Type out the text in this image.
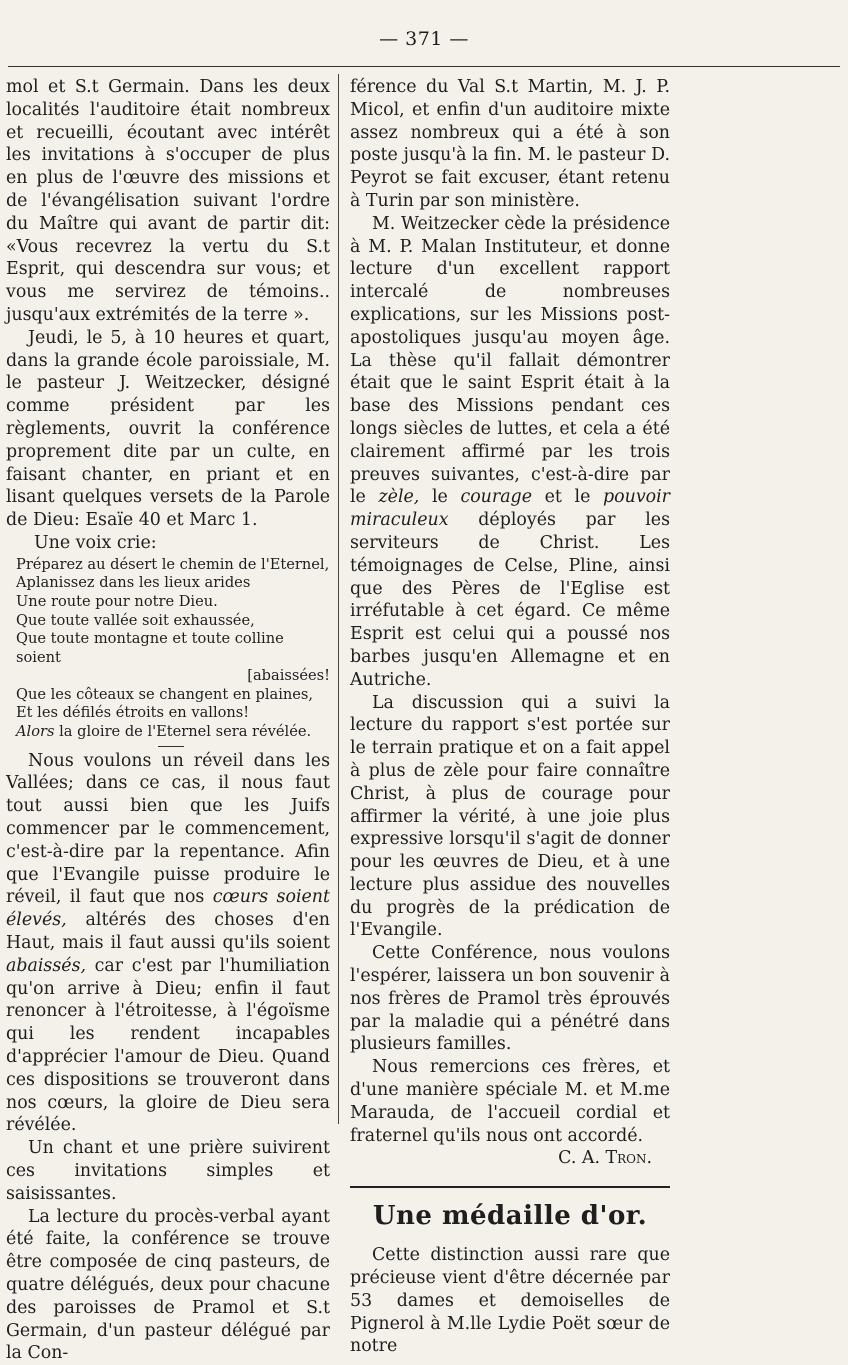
— 371 —

mol et S.t Germain. Dans les deux localités l'auditoire était nombreux et recueilli, écoutant avec intérêt les invitations à s'occuper de plus en plus de l'œuvre des missions et de l'évangélisation suivant l'ordre du Maître qui avant de partir dit: «Vous recevrez la vertu du S.t Esprit, qui descendra sur vous; et vous me servirez de témoins.. jusqu'aux extrémités de la terre ».

Jeudi, le 5, à 10 heures et quart, dans la grande école paroissiale, M. le pasteur J. Weitzecker, désigné comme président par les règlements, ouvrit la conférence proprement dite par un culte, en faisant chanter, en priant et en lisant quelques versets de la Parole de Dieu: Esaïe 40 et Marc 1.

Une voix crie:

Préparez au désert le chemin de l'Eternel,
Aplanissez dans les lieux arides
Une route pour notre Dieu.
Que toute vallée soit exhaussée,
Que toute montagne et toute colline soient
[abaissées!
Que les côteaux se changent en plaines,
Et les défilés étroits en vallons!
Alors la gloire de l'Eternel sera révélée.

Nous voulons un réveil dans les Vallées; dans ce cas, il nous faut tout aussi bien que les Juifs commencer par le commencement, c'est-à-dire par la repentance. Afin que l'Evangile puisse produire le réveil, il faut que nos cœurs soient élevés, altérés des choses d'en Haut, mais il faut aussi qu'ils soient abaissés, car c'est par l'humiliation qu'on arrive à Dieu; enfin il faut renoncer à l'étroitesse, à l'égoïsme qui les rendent incapables d'apprécier l'amour de Dieu. Quand ces dispositions se trouveront dans nos cœurs, la gloire de Dieu sera révélée.

Un chant et une prière suivirent ces invitations simples et saisissantes.

La lecture du procès-verbal ayant été faite, la conférence se trouve être composée de cinq pasteurs, de quatre délégués, deux pour chacune des paroisses de Pramol et S.t Germain, d'un pasteur délégué par la Con-

férence du Val S.t Martin, M. J. P. Micol, et enfin d'un auditoire mixte assez nombreux qui a été à son poste jusqu'à la fin. M. le pasteur D. Peyrot se fait excuser, étant retenu à Turin par son ministère.

M. Weitzecker cède la présidence à M. P. Malan Instituteur, et donne lecture d'un excellent rapport intercalé de nombreuses explications, sur les Missions post-apostoliques jusqu'au moyen âge. La thèse qu'il fallait démontrer était que le saint Esprit était à la base des Missions pendant ces longs siècles de luttes, et cela a été clairement affirmé par les trois preuves suivantes, c'est-à-dire par le zèle, le courage et le pouvoir miraculeux déployés par les serviteurs de Christ. Les témoignages de Celse, Pline, ainsi que des Pères de l'Eglise est irréfutable à cet égard. Ce même Esprit est celui qui a poussé nos barbes jusqu'en Allemagne et en Autriche.

La discussion qui a suivi la lecture du rapport s'est portée sur le terrain pratique et on a fait appel à plus de zèle pour faire connaître Christ, à plus de courage pour affirmer la vérité, à une joie plus expressive lorsqu'il s'agit de donner pour les œuvres de Dieu, et à une lecture plus assidue des nouvelles du progrès de la prédication de l'Evangile.

Cette Conférence, nous voulons l'espérer, laissera un bon souvenir à nos frères de Pramol très éprouvés par la maladie qui a pénétré dans plusieurs familles.

Nous remercions ces frères, et d'une manière spéciale M. et M.me Marauda, de l'accueil cordial et fraternel qu'ils nous ont accordé.

C. A. Tron.

Une médaille d'or.

Cette distinction aussi rare que précieuse vient d'être décernée par 53 dames et demoiselles de Pignerol à M.lle Lydie Poët sœur de notre
